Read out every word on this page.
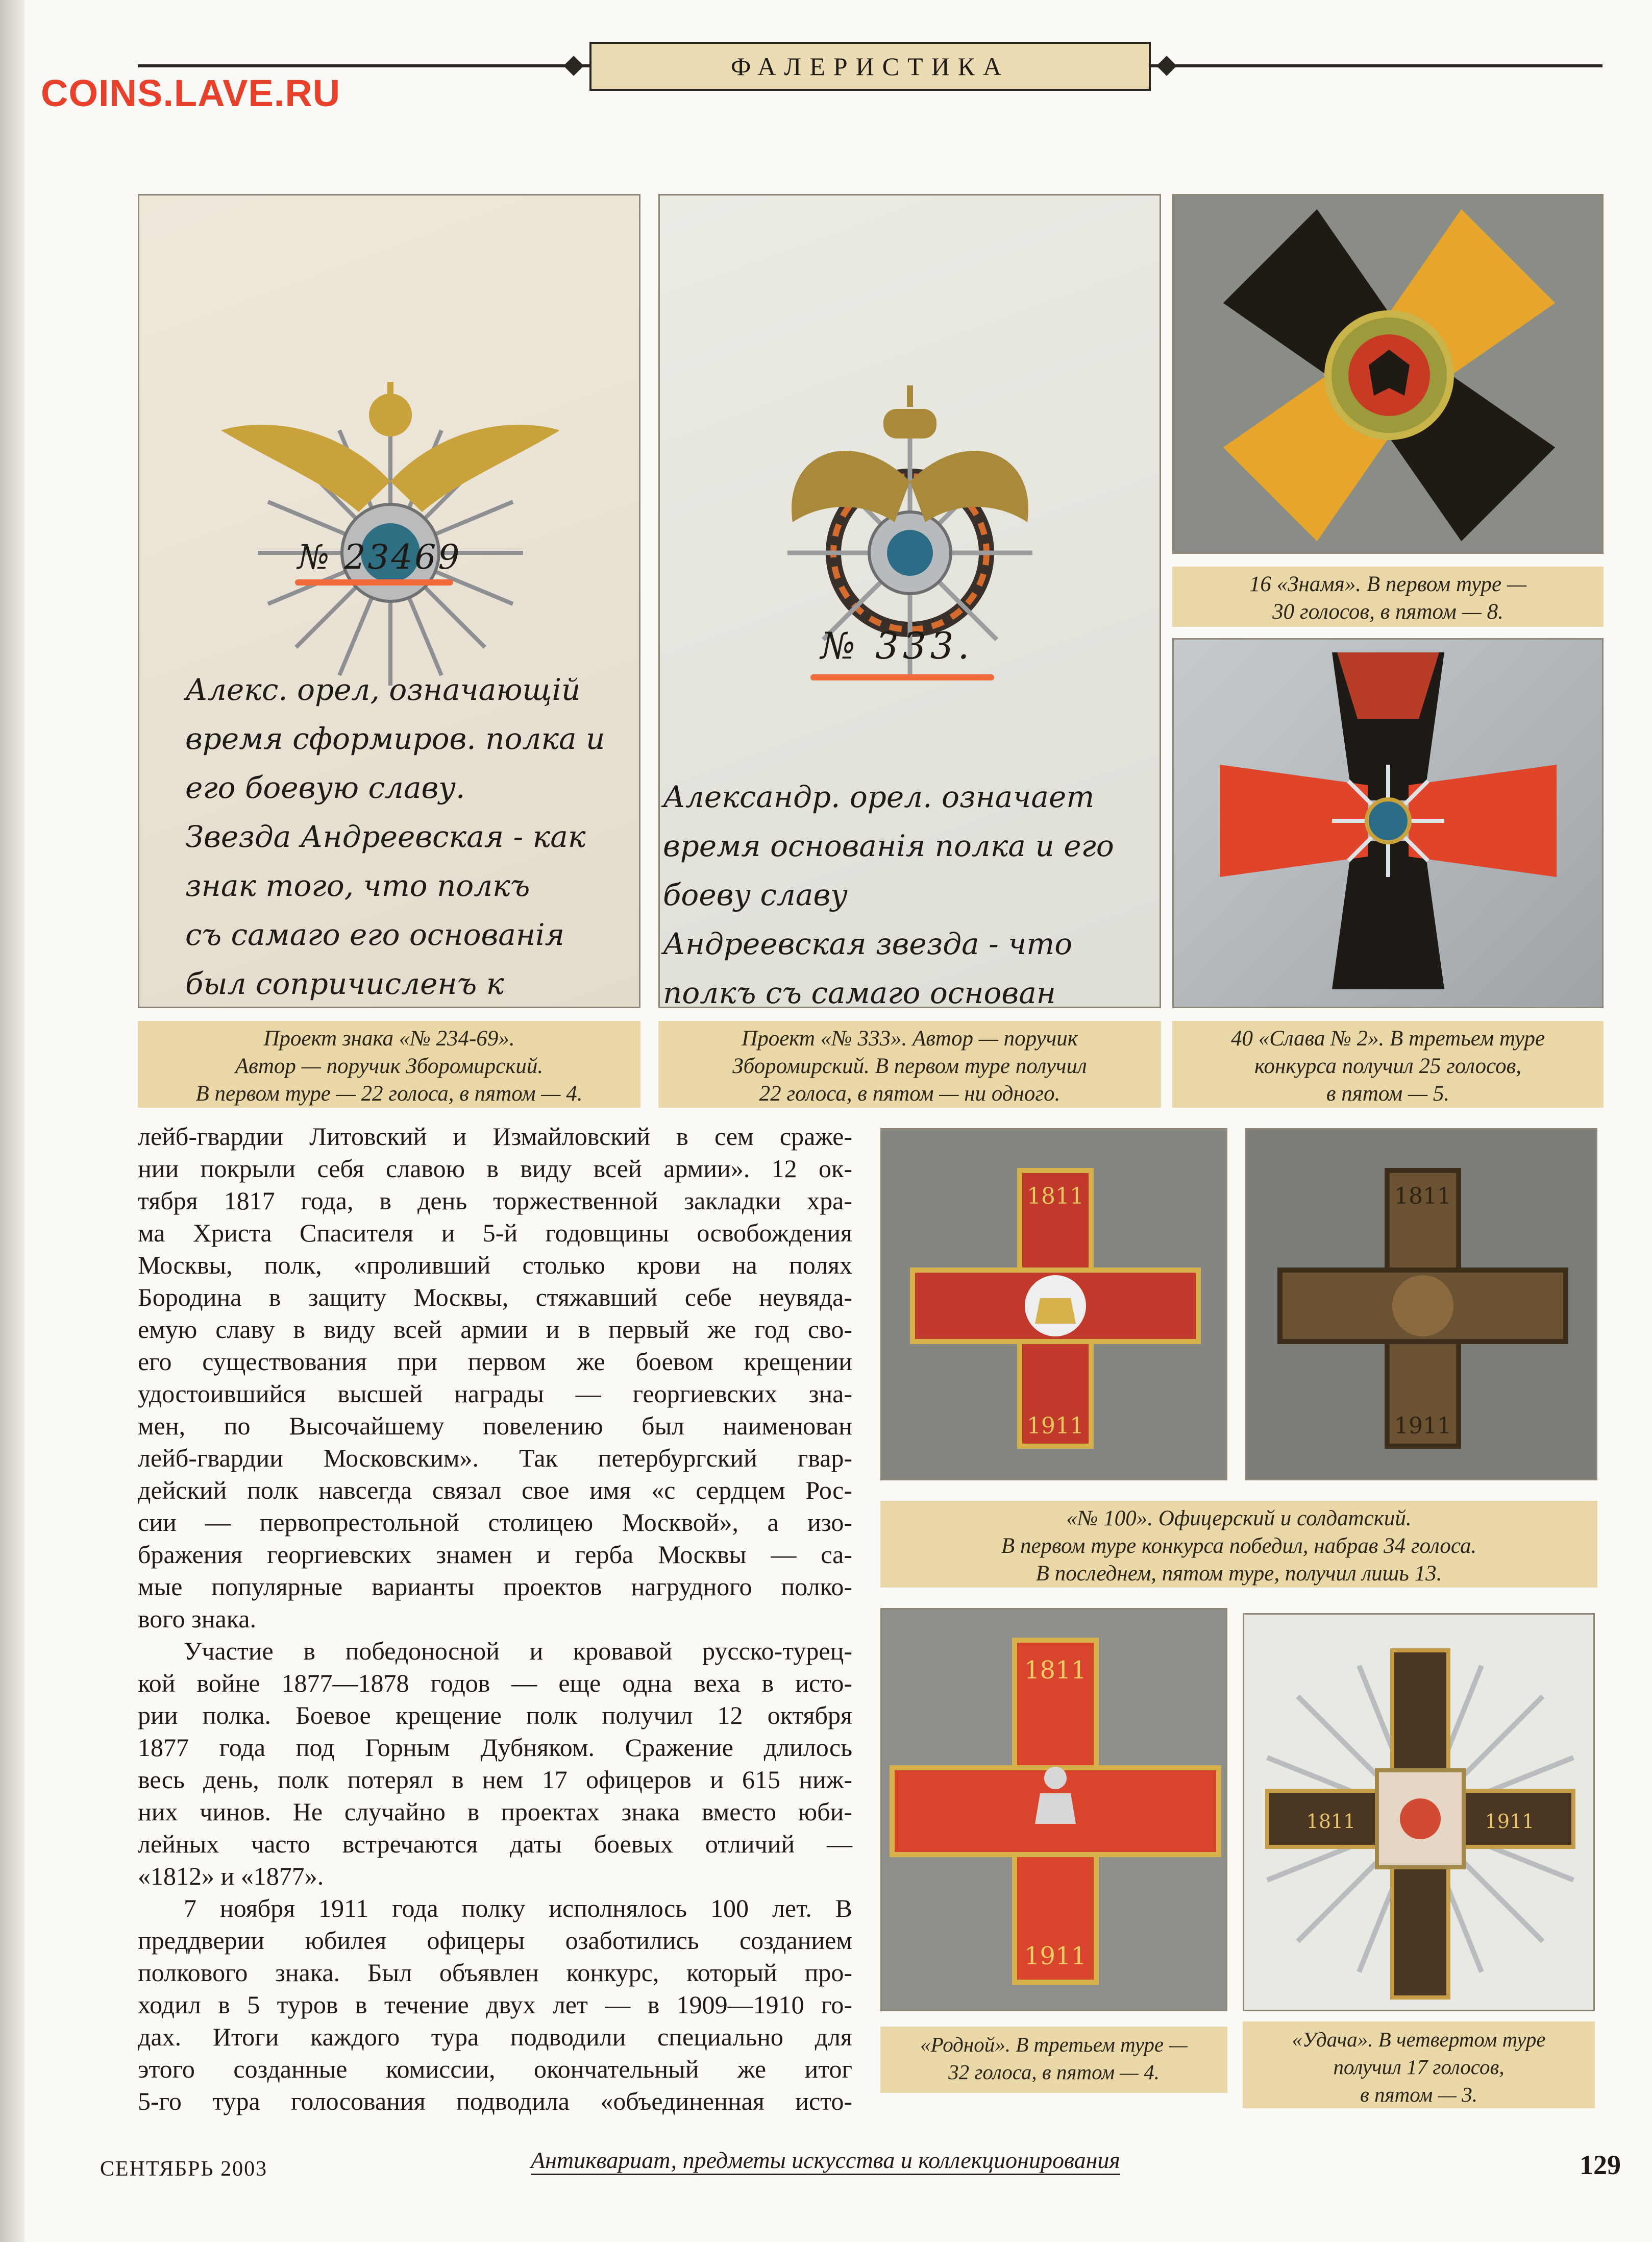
COINS.LAVE.RU
ФАЛЕРИСТИКА
№ 23469
Алекс. орел, означающiй
время сформиров. полка и
его боевую славу.
Звезда Андреевская - как
знак того, что полкъ
съ самаго его основанiя
был сопричисленъ к
Проект знака «№ 234-69».
Автор — поручик Зборомирский.
В первом туре — 22 голоса, в пятом — 4.
№ 333.
Александр. орел. означает
время основанiя полка и его
боеву славу
Андреевская звезда - что
полкъ съ самаго основан
Проект «№ 333». Автор — поручик
Зборомирский. В первом туре получил
22 голоса, в пятом — ни одного.
16 «Знамя». В первом туре —
30 голосов, в пятом — 8.
40 «Слава № 2». В третьем туре
конкурса получил 25 голосов,
в пятом — 5.
1811
1911
1811
1911
«№ 100». Офицерский и солдатский.
В первом туре конкурса победил, набрав 34 голоса.
В последнем, пятом туре, получил лишь 13.
1811
1911
«Родной». В третьем туре —
32 голоса, в пятом — 4.
1811	1911
«Удача». В четвертом туре
получил 17 голосов,
в пятом — 3.
лейб-гвардии Литовский и Измайловский в сем сраже-
нии покрыли себя славою в виду всей армии». 12 ок-
тября 1817 года, в день торжественной закладки хра-
ма Христа Спасителя и 5-й годовщины освобождения
Москвы, полк, «проливший столько крови на полях
Бородина в защиту Москвы, стяжавший себе неувяда-
емую славу в виду всей армии и в первый же год сво-
его существования при первом же боевом крещении
удостоившийся высшей награды — георгиевских зна-
мен, по Высочайшему повелению был наименован
лейб-гвардии Московским». Так петербургский гвар-
дейский полк навсегда связал свое имя «с сердцем Рос-
сии — первопрестольной столицею Москвой», а изо-
бражения георгиевских знамен и герба Москвы — са-
мые популярные варианты проектов нагрудного полко-
вого знака.
Участие в победоносной и кровавой русско-турец-
кой войне 1877—1878 годов — еще одна веха в исто-
рии полка. Боевое крещение полк получил 12 октября
1877 года под Горным Дубняком. Сражение длилось
весь день, полк потерял в нем 17 офицеров и 615 ниж-
них чинов. Не случайно в проектах знака вместо юби-
лейных часто встречаются даты боевых отличий —
«1812» и «1877».
7 ноября 1911 года полку исполнялось 100 лет. В
преддверии юбилея офицеры озаботились созданием
полкового знака. Был объявлен конкурс, который про-
ходил в 5 туров в течение двух лет — в 1909—1910 го-
дах. Итоги каждого тура подводили специально для
этого созданные комиссии, окончательный же итог
5-го тура голосования подводила «объединенная исто-
СЕНТЯБРЬ 2003	Антиквариат, предметы искусства и коллекционирования	129
